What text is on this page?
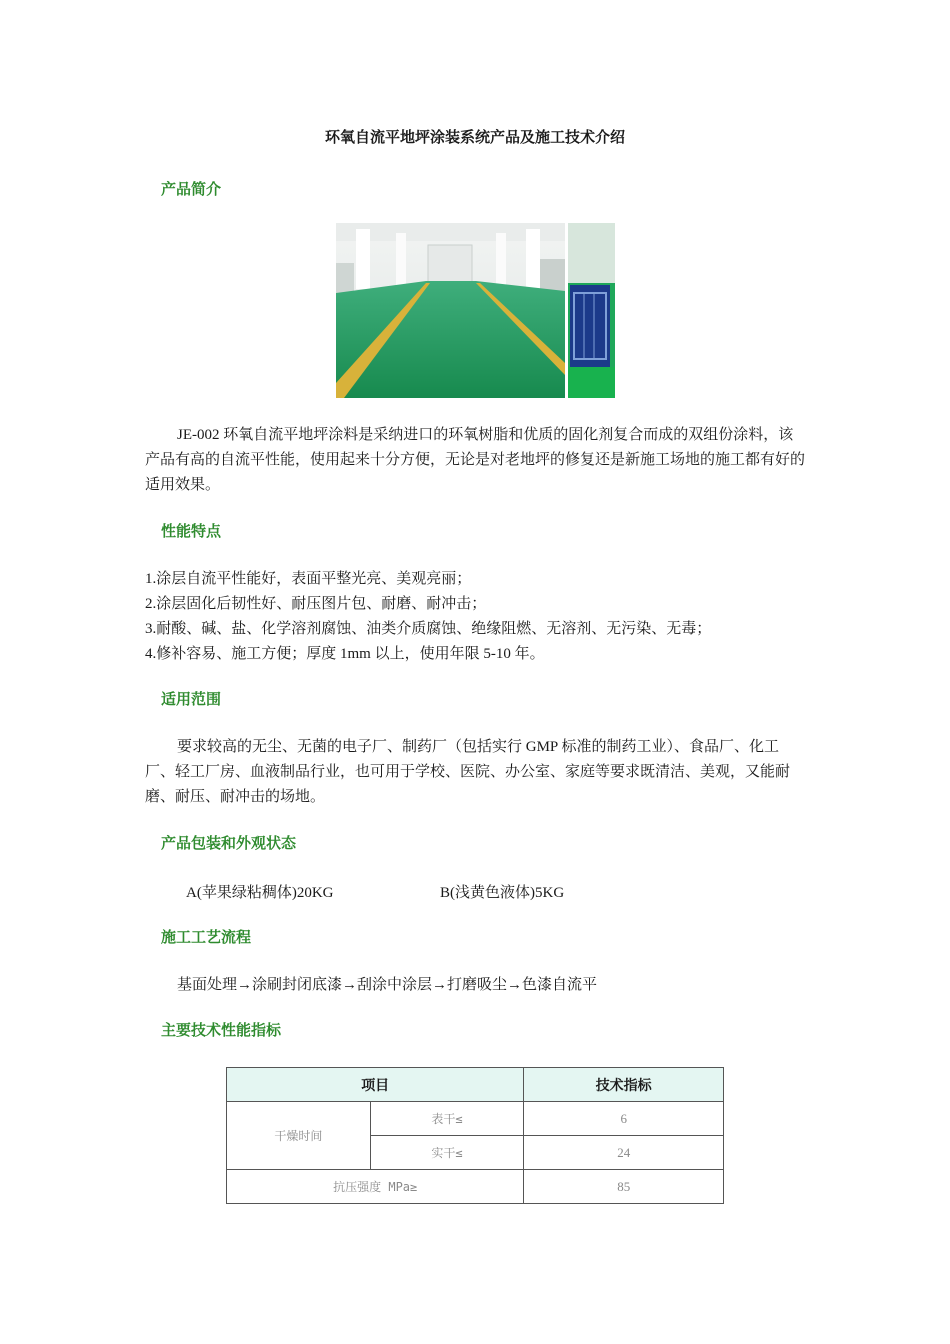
环氧自流平地坪涂装系统产品及施工技术介绍
产品简介
JE-002 环氧自流平地坪涂料是采纳进口的环氧树脂和优质的固化剂复合而成的双组份涂料，该产品有高的自流平性能，使用起来十分方便，无论是对老地坪的修复还是新施工场地的施工都有好的适用效果。
性能特点
1.涂层自流平性能好，表面平整光亮、美观亮丽；
2.涂层固化后韧性好、耐压图片包、耐磨、耐冲击；
3.耐酸、碱、盐、化学溶剂腐蚀、油类介质腐蚀、绝缘阻燃、无溶剂、无污染、无毒；
4.修补容易、施工方便；厚度 1mm 以上，使用年限 5-10 年。
适用范围
要求较高的无尘、无菌的电子厂、制药厂（包括实行 GMP 标准的制药工业）、食品厂、化工厂、轻工厂房、血液制品行业，也可用于学校、医院、办公室、家庭等要求既清洁、美观，又能耐磨、耐压、耐冲击的场地。
产品包装和外观状态
A(苹果绿粘稠体)20KG	B(浅黄色液体)5KG
施工工艺流程
基面处理→涂刷封闭底漆→刮涂中涂层→打磨吸尘→色漆自流平
主要技术性能指标
项目		技术指标
干燥时间	表干≤	6
	实干≤	24
抗压强度 MPa≥		85
